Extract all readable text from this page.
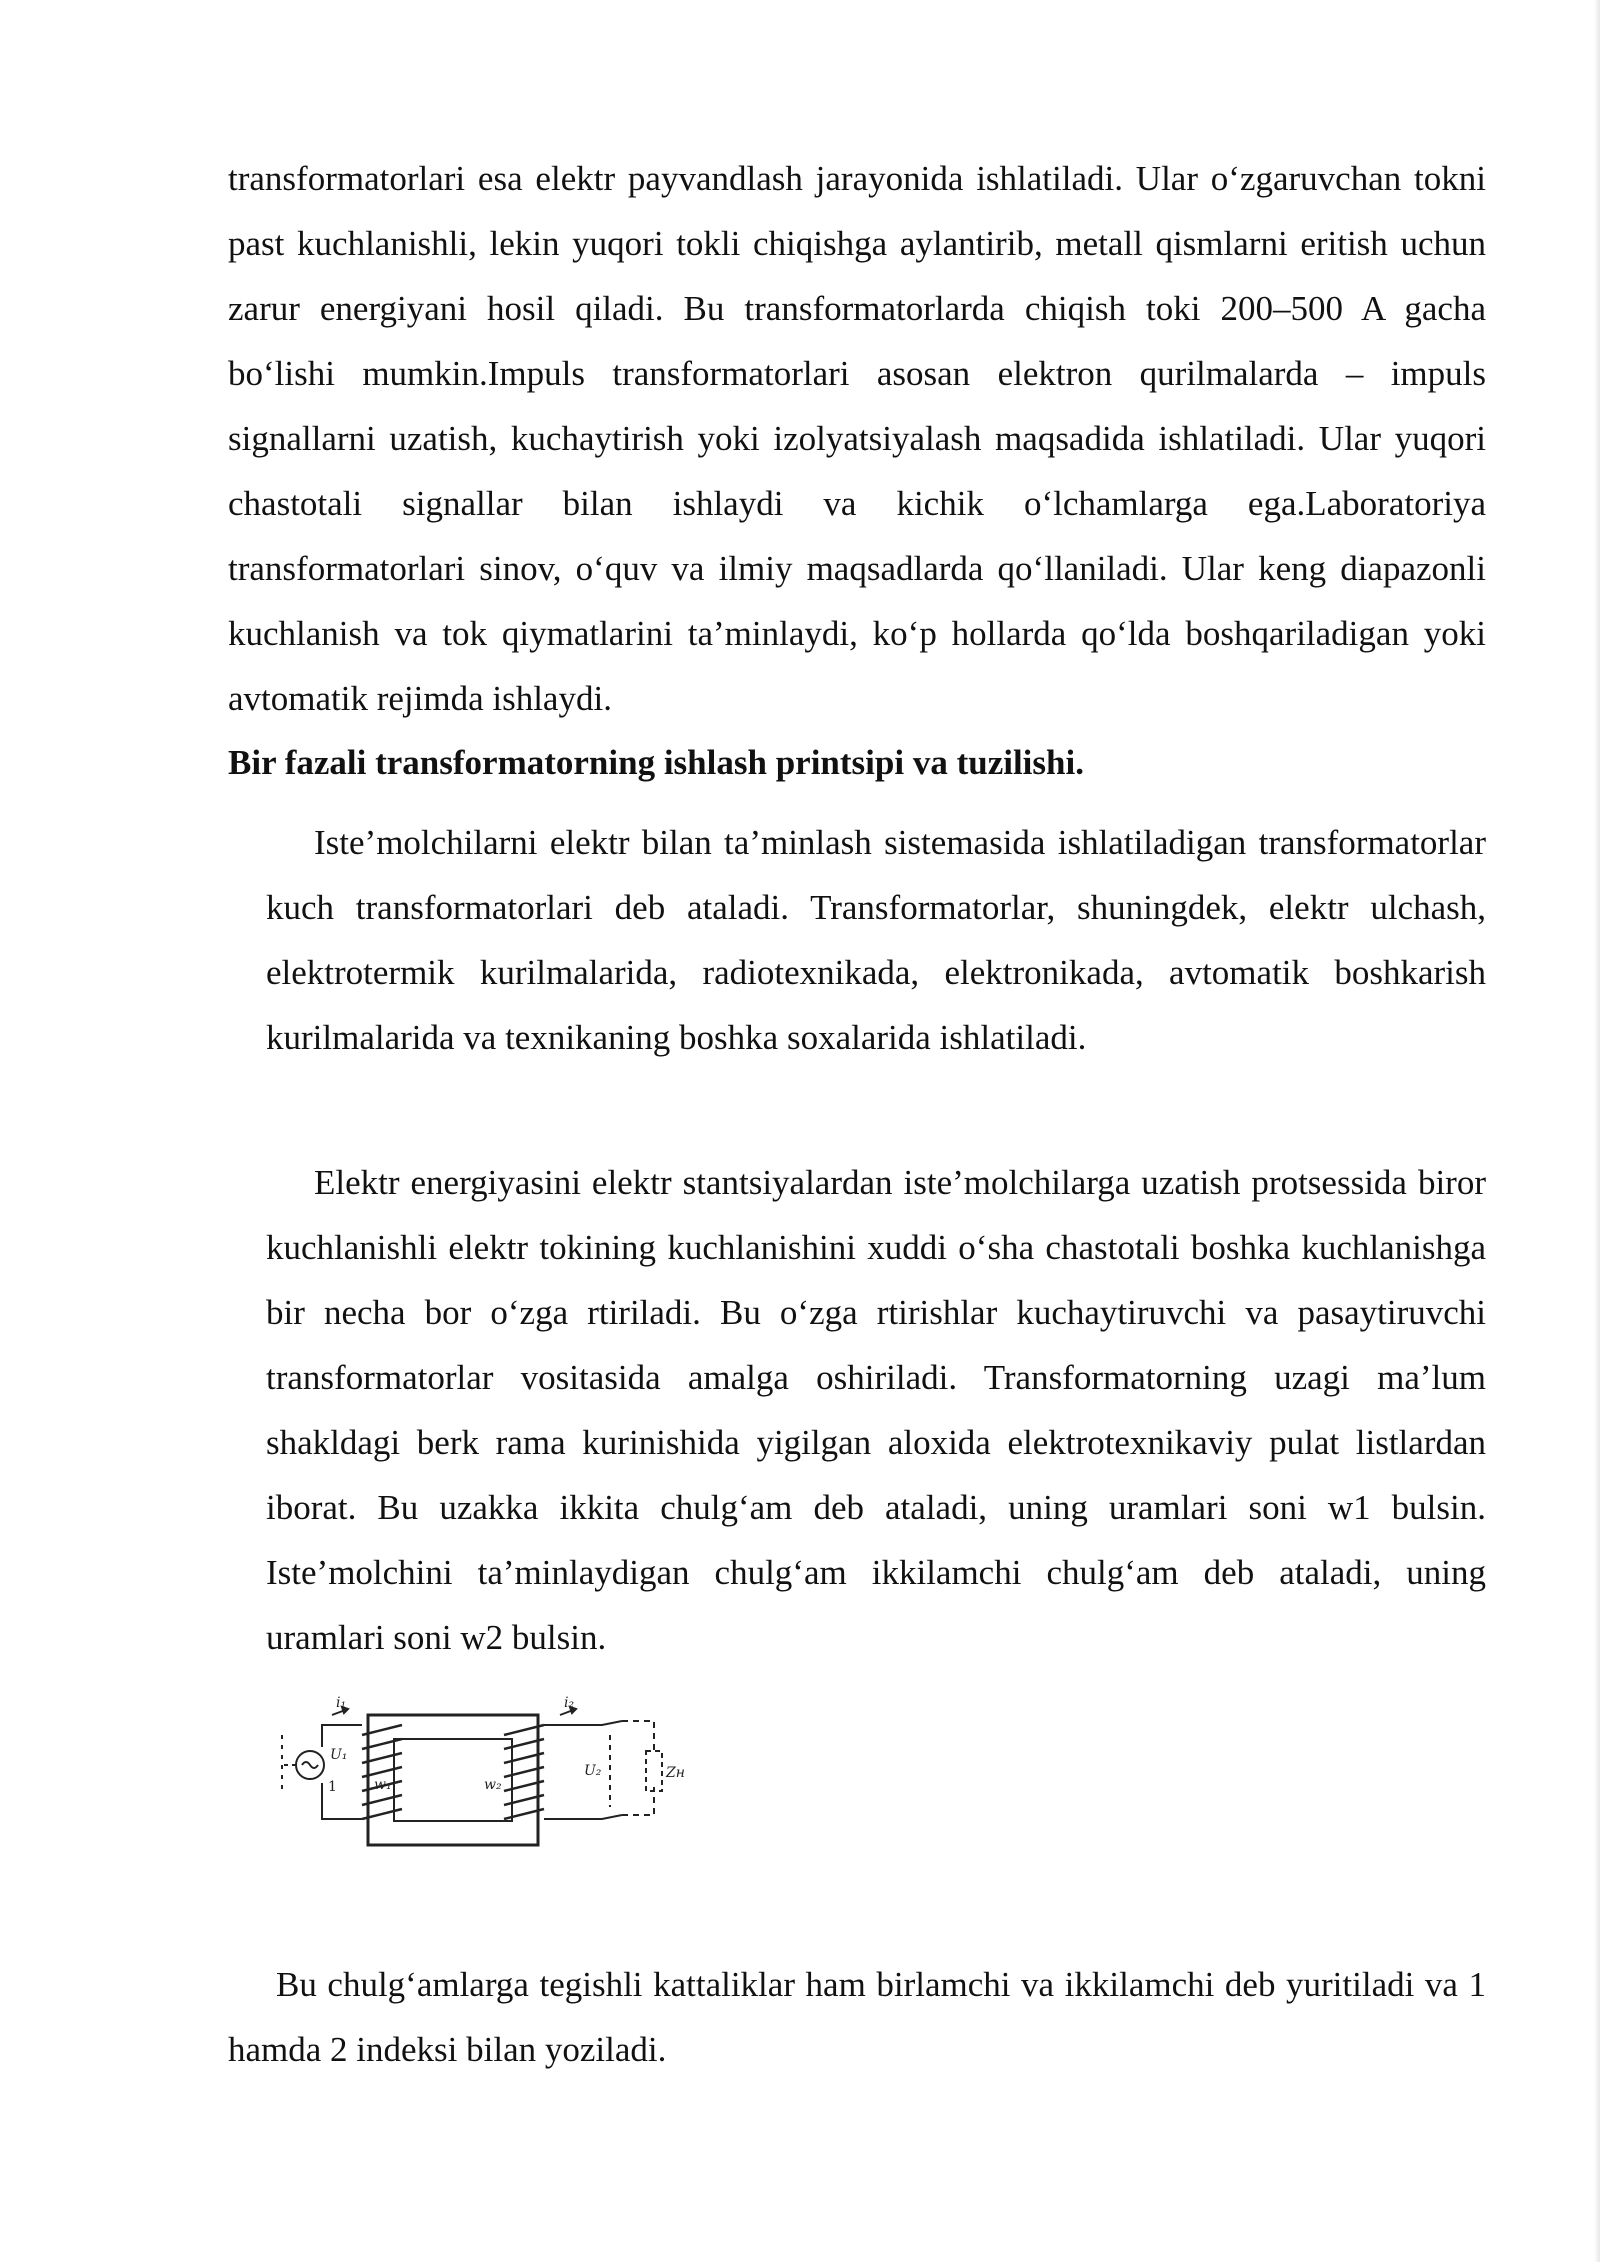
transformatorlari esa elektr payvandlash jarayonida ishlatiladi. Ular o‘zgaruvchan tokni past kuchlanishli, lekin yuqori tokli chiqishga aylantirib, metall qismlarni eritish uchun zarur energiyani hosil qiladi. Bu transformatorlarda chiqish toki 200–500 A gacha bo‘lishi mumkin.Impuls transformatorlari asosan elektron qurilmalarda – impuls signallarni uzatish, kuchaytirish yoki izolyatsiyalash maqsadida ishlatiladi. Ular yuqori chastotali signallar bilan ishlaydi va kichik o‘lchamlarga ega.Laboratoriya transformatorlari sinov, o‘quv va ilmiy maqsadlarda qo‘llaniladi. Ular keng diapazonli kuchlanish va tok qiymatlarini ta’minlaydi, ko‘p hollarda qo‘lda boshqariladigan yoki avtomatik rejimda ishlaydi.

Bir fazali transformatorning ishlash printsipi va tuzilishi.

Iste’molchilarni elektr bilan ta’minlash sistemasida ishlatiladigan transformatorlar kuch transformatorlari deb ataladi. Transformatorlar, shuningdek, elektr ulchash, elektrotermik kurilmalarida, radiotexnikada, elektronikada, avtomatik boshkarish kurilmalarida va texnikaning boshka soxalarida ishlatiladi.

Elektr energiyasini elektr stantsiyalardan iste’molchilarga uzatish protsessida biror kuchlanishli elektr tokining kuchlanishini xuddi o‘sha chastotali boshka kuchlanishga bir necha bor o‘zga rtiriladi. Bu o‘zga rtirishlar kuchaytiruvchi va pasaytiruvchi transformatorlar vositasida amalga oshiriladi. Transformatorning uzagi ma’lum shakldagi berk rama kurinishida yigilgan aloxida elektrotexnikaviy pulat listlardan iborat. Bu uzakka ikkita chulg‘am deb ataladi, uning uramlari soni w1 bulsin. Iste’molchini ta’minlaydigan chulg‘am ikkilamchi chulg‘am deb ataladi, uning uramlari soni w2 bulsin.

i₁	i₂
U₁
w₁	w₂
U₂	Zн
1

Bu chulg‘amlarga tegishli kattaliklar ham birlamchi va ikkilamchi deb yuritiladi va 1 hamda 2 indeksi bilan yoziladi.
